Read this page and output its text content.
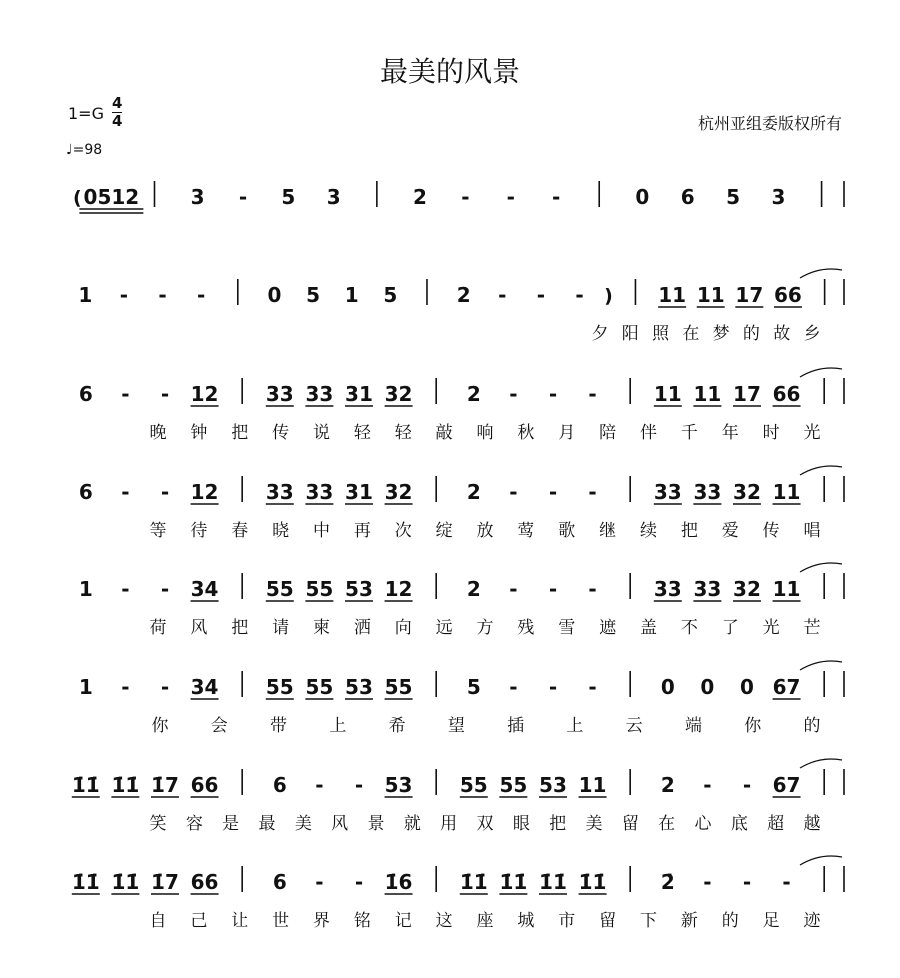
最美的风景
1=G
4
4
♩=98
杭州亚组委版权所有
( 0512	3 - 5 3	2 - - -	0 6 5 3
1 - - -	0 5 1 5	2 - - - ) 11 11 17 66
夕 阳 照 在 梦 的 故 乡
6 - - 12 33 33 31 32	2 - - -	11 11 17 66
晚 钟 把 传 说 轻 轻 敲 响 秋 月 陪 伴 千 年 时 光
6 - - 12 33 33 31 32	2 - - -	33 33 32 11
等 待 春 晓 中 再 次 绽 放 莺 歌 继 续 把 爱 传 唱
1 - - 34 55 55 53 12	2 - - -	33 33 32 11
荷 风 把 请 柬 洒 向 远 方 残 雪 遮 盖 不 了 光 芒
1 - - 34 55 55 53 55	5 - - -	0 0 0 67
你 会 带 上 希 望 插 上 云 端 你 的
1̇1̇ 1̇1̇ 1̇7 66	6 - - 53 55 55 53 11	2 - - 67
笑 容 是 最 美 风 景 就 用 双 眼 把 美 留 在 心 底 超 越
1̇1̇ 1̇1̇ 1̇7 66	6 - - 1̇6 1̇1̇ 1̇1̇ 1̇1̇ 1̇1̇	2̇ - - -
自 己 让 世 界 铭 记 这 座 城 市 留 下 新 的 足 迹
